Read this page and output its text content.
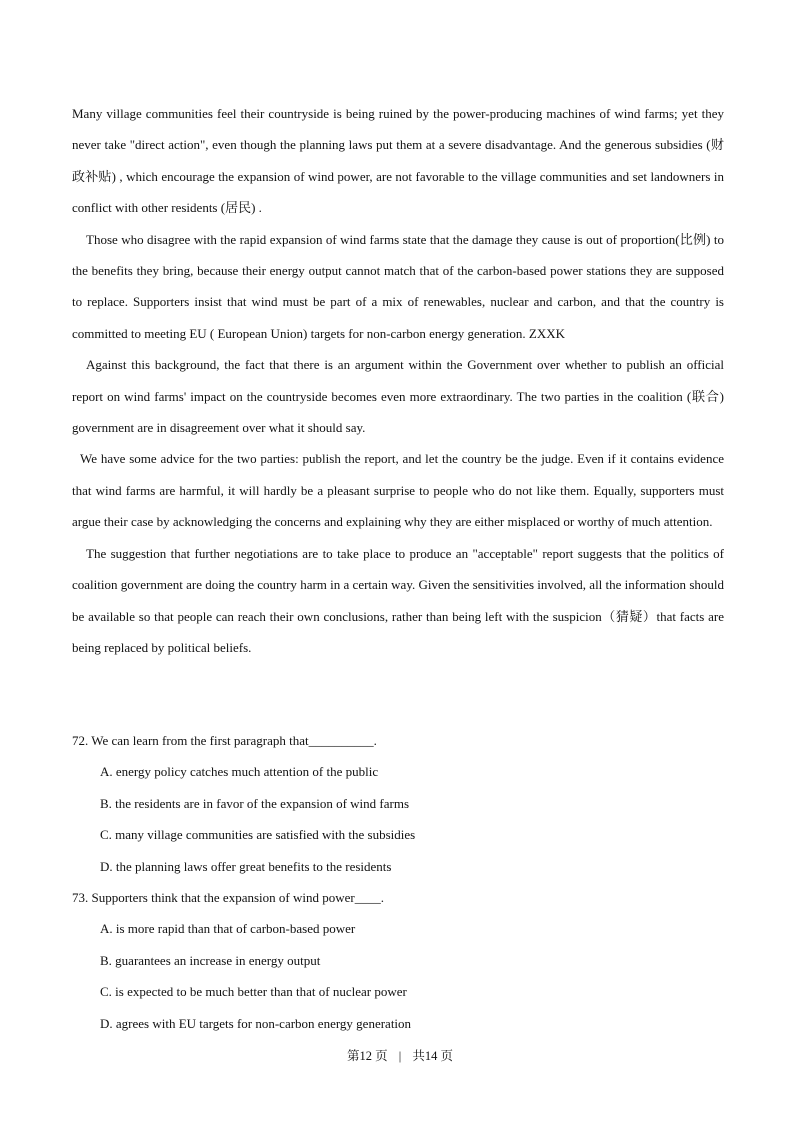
Many village communities feel their countryside is being ruined by the power-producing machines of wind farms; yet they never take "direct action", even though the planning laws put them at a severe disadvantage. And the generous subsidies (财政补贴) , which encourage the expansion of wind power, are not favorable to the village communities and set landowners in conflict with other residents (居民) .

Those who disagree with the rapid expansion of wind farms state that the damage they cause is out of proportion(比例) to the benefits they bring, because their energy output cannot match that of the carbon-based power stations they are supposed to replace. Supporters insist that wind must be part of a mix of renewables, nuclear and carbon, and that the country is committed to meeting EU ( European Union) targets for non-carbon energy generation. ZXXK

Against this background, the fact that there is an argument within the Government over whether to publish an official report on wind farms' impact on the countryside becomes even more extraordinary. The two parties in the coalition (联合) government are in disagreement over what it should say.

We have some advice for the two parties: publish the report, and let the country be the judge. Even if it contains evidence that wind farms are harmful, it will hardly be a pleasant surprise to people who do not like them. Equally, supporters must argue their case by acknowledging the concerns and explaining why they are either misplaced or worthy of much attention.

The suggestion that further negotiations are to take place to produce an "acceptable" report suggests that the politics of coalition government are doing the country harm in a certain way. Given the sensitivities involved, all the information should be available so that people can reach their own conclusions, rather than being left with the suspicion（猜疑）that facts are being replaced by political beliefs.

72. We can learn from the first paragraph that__________.

A. energy policy catches much attention of the public

B. the residents are in favor of the expansion of wind farms

C. many village communities are satisfied with the subsidies

D. the planning laws offer great benefits to the residents

73. Supporters think that the expansion of wind power____.

A. is more rapid than that of carbon-based power

B. guarantees an increase in energy output

C. is expected to be much better than that of nuclear power

D. agrees with EU targets for non-carbon energy generation

第12 页 | 共14 页
